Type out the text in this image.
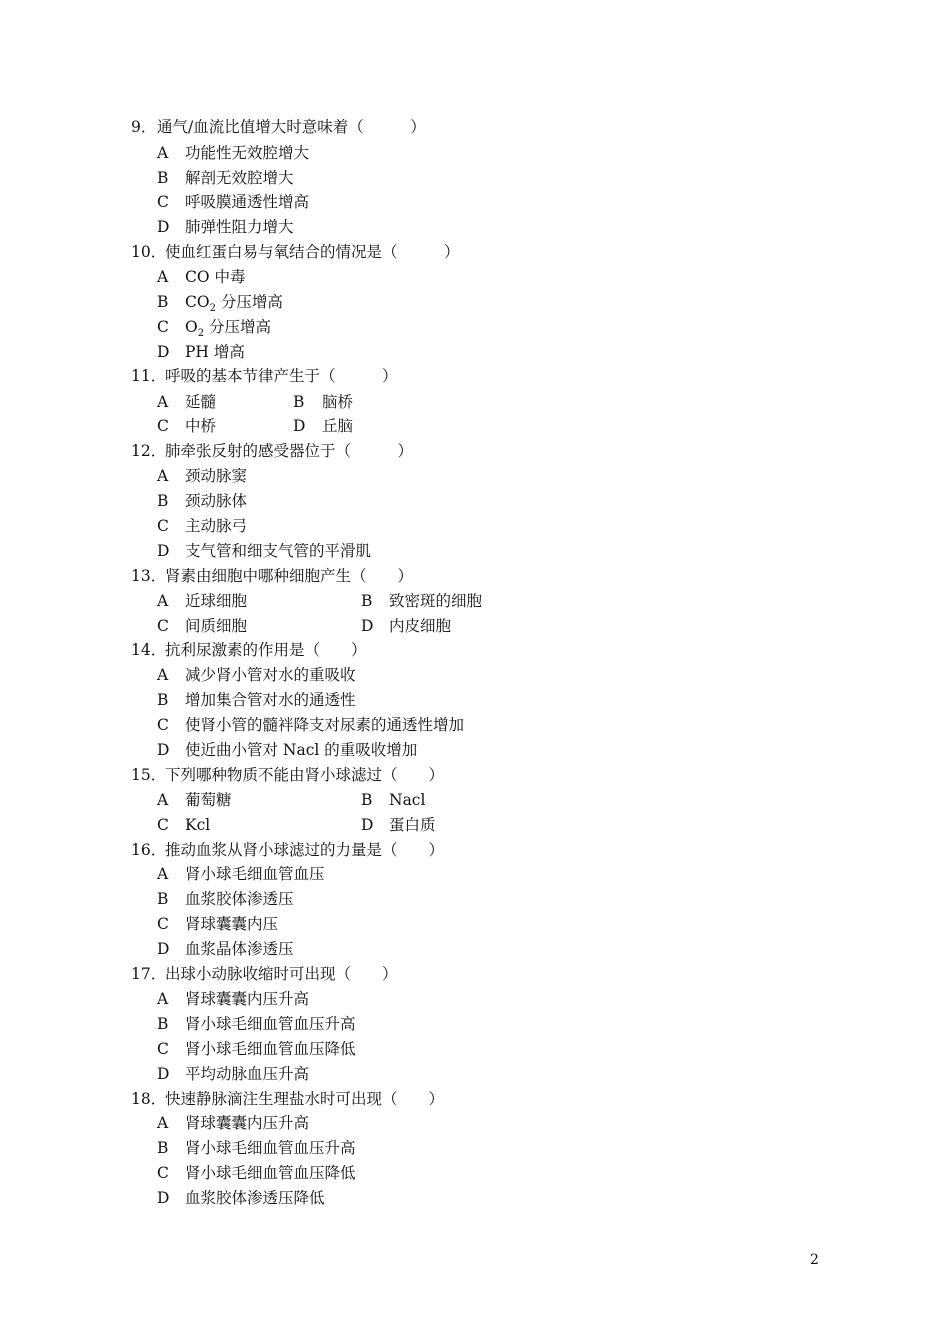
9． 通气/血流比值增大时意味着（　　　）
A 功能性无效腔增大
B 解剖无效腔增大
C 呼吸膜通透性增高
D 肺弹性阻力增大
10．
使血红蛋白易与氧结合的情况是（　　　）
A CO 中毒
B $CO_2$ 分压增高
C $O_2$ 分压增高
D PH 增高
11．
呼吸的基本节律产生于（　　　）
A 延髓	B 脑桥
C 中桥	D 丘脑
12．
肺牵张反射的感受器位于（　　　）
A 颈动脉窦
B 颈动脉体
C 主动脉弓
D 支气管和细支气管的平滑肌
13．
肾素由细胞中哪种细胞产生（　　）
A 近球细胞	B 致密斑的细胞
C 间质细胞	D 内皮细胞
14．
抗利尿激素的作用是（　　）
A 减少肾小管对水的重吸收
B 增加集合管对水的通透性
C 使肾小管的髓袢降支对尿素的通透性增加
D 使近曲小管对 Nacl 的重吸收增加
15．
下列哪种物质不能由肾小球滤过（　　）
A 葡萄糖	B Nacl
C Kcl	D 蛋白质
16．
推动血浆从肾小球滤过的力量是（　　）
A 肾小球毛细血管血压
B 血浆胶体渗透压
C 肾球囊囊内压
D 血浆晶体渗透压
17．
出球小动脉收缩时可出现（　　）
A 肾球囊囊内压升高
B 肾小球毛细血管血压升高
C 肾小球毛细血管血压降低
D 平均动脉血压升高
18．
快速静脉滴注生理盐水时可出现（　　）
A 肾球囊囊内压升高
B 肾小球毛细血管血压升高
C 肾小球毛细血管血压降低
D 血浆胶体渗透压降低
2
